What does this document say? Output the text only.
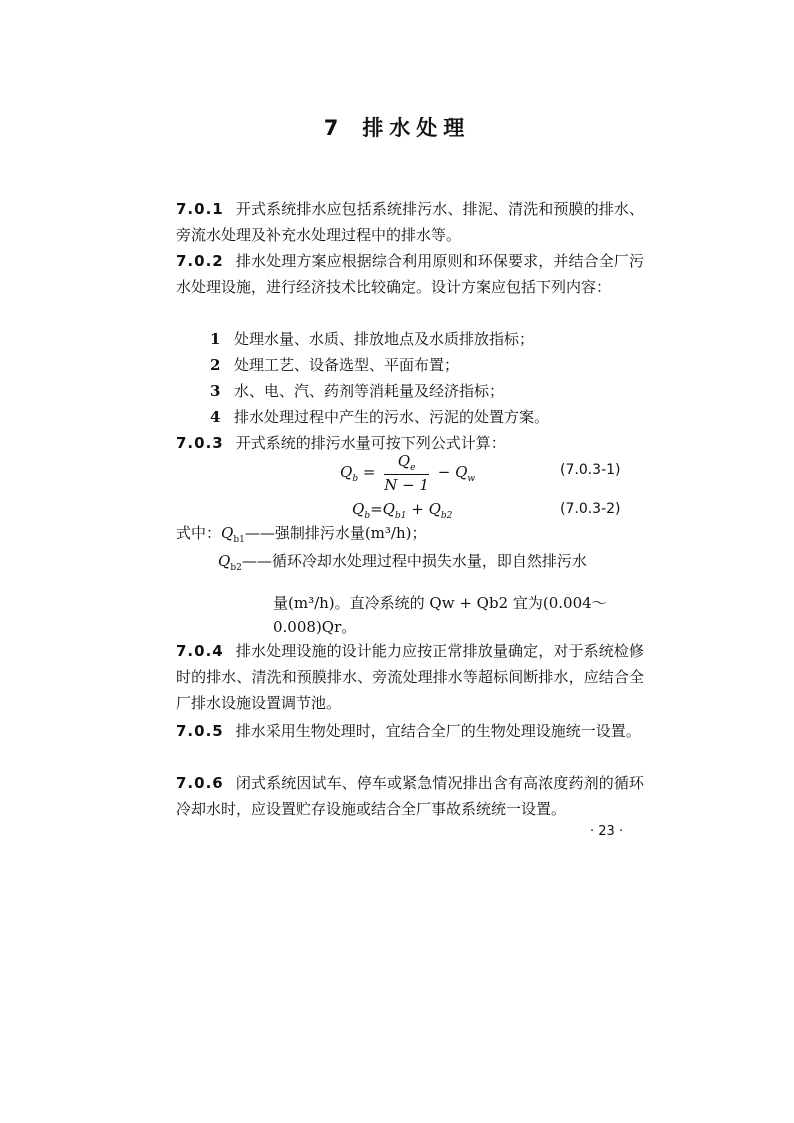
7 排水处理
7.0.1 开式系统排水应包括系统排污水、排泥、清洗和预膜的排水、旁流水处理及补充水处理过程中的排水等。
7.0.2 排水处理方案应根据综合利用原则和环保要求，并结合全厂污水处理设施，进行经济技术比较确定。设计方案应包括下列内容：
1 处理水量、水质、排放地点及水质排放指标；
2 处理工艺、设备选型、平面布置；
3 水、电、汽、药剂等消耗量及经济指标；
4 排水处理过程中产生的污水、污泥的处置方案。
7.0.3 开式系统的排污水量可按下列公式计算：
$Q_b = \frac{Q_e}{N - 1} - Q_w$
(7.0.3-1)
$Q_b=Q_{b1} + Q_{b2}$	(7.0.3-2)
式中：$Q_{b1}——$强制排污水量(m³/h)；
$Q_{b2}——$循环冷却水处理过程中损失水量，即自然排污水
量(m³/h)。直冷系统的 Qw + Qb2 宜为(0.004～
0.008)Qr。
7.0.4 排水处理设施的设计能力应按正常排放量确定，对于系统检修时的排水、清洗和预膜排水、旁流处理排水等超标间断排水，应结合全厂排水设施设置调节池。
7.0.5 排水采用生物处理时，宜结合全厂的生物处理设施统一设置。
7.0.6 闭式系统因试车、停车或紧急情况排出含有高浓度药剂的循环冷却水时，应设置贮存设施或结合全厂事故系统统一设置。
· 23 ·
